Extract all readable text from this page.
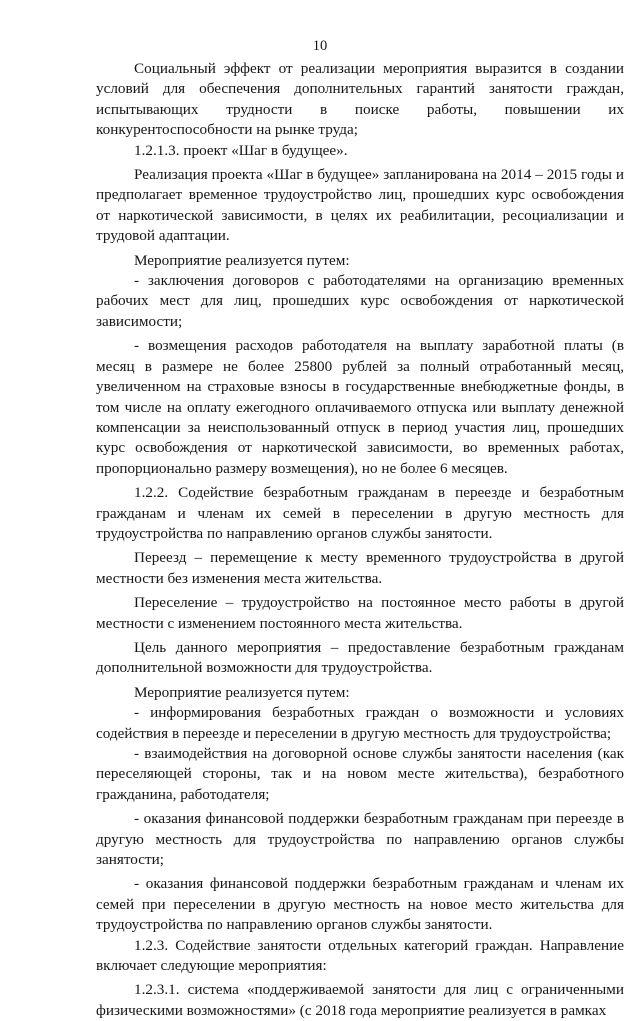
10

Социальный эффект от реализации мероприятия выразится в создании условий для обеспечения дополнительных гарантий занятости граждан, испытывающих трудности в поиске работы, повышении их конкурентоспособности на рынке труда;

1.2.1.3. проект «Шаг в будущее».

Реализация проекта «Шаг в будущее» запланирована на 2014 – 2015 годы и предполагает временное трудоустройство лиц, прошедших курс освобождения от наркотической зависимости, в целях их реабилитации, ресоциализации и трудовой адаптации.

Мероприятие реализуется путем:

- заключения договоров с работодателями на организацию временных рабочих мест для лиц, прошедших курс освобождения от наркотической зависимости;

- возмещения расходов работодателя на выплату заработной платы (в месяц в размере не более 25800 рублей за полный отработанный месяц, увеличенном на страховые взносы в государственные внебюджетные фонды, в том числе на оплату ежегодного оплачиваемого отпуска или выплату денежной компенсации за неиспользованный отпуск в период участия лиц, прошедших курс освобождения от наркотической зависимости, во временных работах, пропорционально размеру возмещения), но не более 6 месяцев.

1.2.2. Содействие безработным гражданам в переезде и безработным гражданам и членам их семей в переселении в другую местность для трудоустройства по направлению органов службы занятости.

Переезд – перемещение к месту временного трудоустройства в другой местности без изменения места жительства.

Переселение – трудоустройство на постоянное место работы в другой местности с изменением постоянного места жительства.

Цель данного мероприятия – предоставление безработным гражданам дополнительной возможности для трудоустройства.

Мероприятие реализуется путем:

- информирования безработных граждан о возможности и условиях содействия в переезде и переселении в другую местность для трудоустройства;

- взаимодействия на договорной основе службы занятости населения (как переселяющей стороны, так и на новом месте жительства), безработного гражданина, работодателя;

- оказания финансовой поддержки безработным гражданам при переезде в другую местность для трудоустройства по направлению органов службы занятости;

- оказания финансовой поддержки безработным гражданам и членам их семей при переселении в другую местность на новое место жительства для трудоустройства по направлению органов службы занятости.

1.2.3. Содействие занятости отдельных категорий граждан. Направление включает следующие мероприятия:

1.2.3.1. система «поддерживаемой занятости для лиц с ограниченными физическими возможностями» (с 2018 года мероприятие реализуется в рамках
